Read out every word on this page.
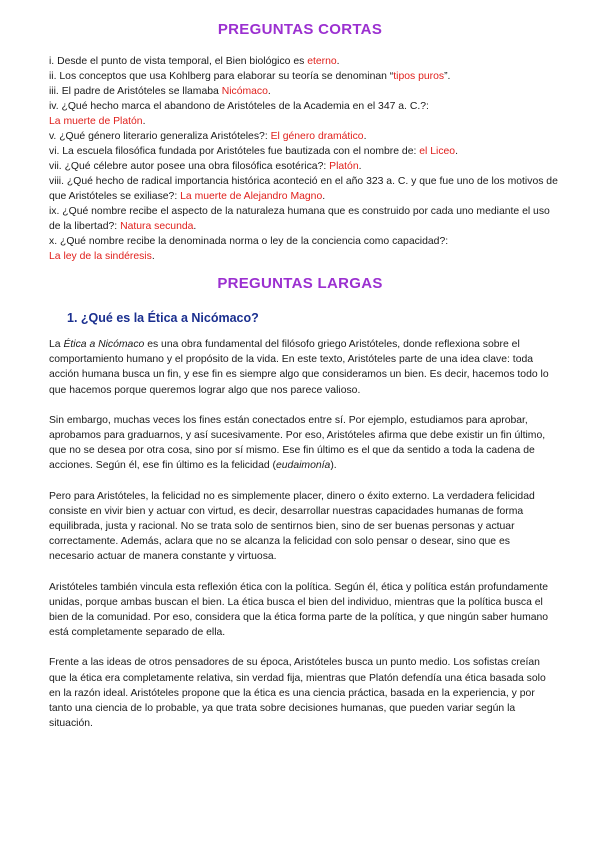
PREGUNTAS CORTAS

i. Desde el punto de vista temporal, el Bien biológico es eterno.

ii. Los conceptos que usa Kohlberg para elaborar su teoría se denominan “tipos puros”.

iii. El padre de Aristóteles se llamaba Nicómaco.

iv. ¿Qué hecho marca el abandono de Aristóteles de la Academia en el 347 a. C.?:
La muerte de Platón.

v. ¿Qué género literario generaliza Aristóteles?: El género dramático.

vi. La escuela filosófica fundada por Aristóteles fue bautizada con el nombre de: el Liceo.

vii. ¿Qué célebre autor posee una obra filosófica esotérica?: Platón.

viii. ¿Qué hecho de radical importancia histórica aconteció en el año 323 a. C. y que fue uno de los motivos de que Aristóteles se exiliase?: La muerte de Alejandro Magno.

ix. ¿Qué nombre recibe el aspecto de la naturaleza humana que es construido por cada uno mediante el uso de la libertad?: Natura secunda.

x. ¿Qué nombre recibe la denominada norma o ley de la conciencia como capacidad?:
La ley de la sindéresis.

PREGUNTAS LARGAS
1. ¿Qué es la Ética a Nicómaco?

La Ética a Nicómaco es una obra fundamental del filósofo griego Aristóteles, donde reflexiona sobre el comportamiento humano y el propósito de la vida. En este texto, Aristóteles parte de una idea clave: toda acción humana busca un fin, y ese fin es siempre algo que consideramos un bien. Es decir, hacemos todo lo que hacemos porque queremos lograr algo que nos parece valioso.

Sin embargo, muchas veces los fines están conectados entre sí. Por ejemplo, estudiamos para aprobar, aprobamos para graduarnos, y así sucesivamente. Por eso, Aristóteles afirma que debe existir un fin último, que no se desea por otra cosa, sino por sí mismo. Ese fin último es el que da sentido a toda la cadena de acciones. Según él, ese fin último es la felicidad (eudaimonía).

Pero para Aristóteles, la felicidad no es simplemente placer, dinero o éxito externo. La verdadera felicidad consiste en vivir bien y actuar con virtud, es decir, desarrollar nuestras capacidades humanas de forma equilibrada, justa y racional. No se trata solo de sentirnos bien, sino de ser buenas personas y actuar correctamente. Además, aclara que no se alcanza la felicidad con solo pensar o desear, sino que es necesario actuar de manera constante y virtuosa.

Aristóteles también vincula esta reflexión ética con la política. Según él, ética y política están profundamente unidas, porque ambas buscan el bien. La ética busca el bien del individuo, mientras que la política busca el bien de la comunidad. Por eso, considera que la ética forma parte de la política, y que ningún saber humano está completamente separado de ella.

Frente a las ideas de otros pensadores de su época, Aristóteles busca un punto medio. Los sofistas creían que la ética era completamente relativa, sin verdad fija, mientras que Platón defendía una ética basada solo en la razón ideal. Aristóteles propone que la ética es una ciencia práctica, basada en la experiencia, y por tanto una ciencia de lo probable, ya que trata sobre decisiones humanas, que pueden variar según la situación.
